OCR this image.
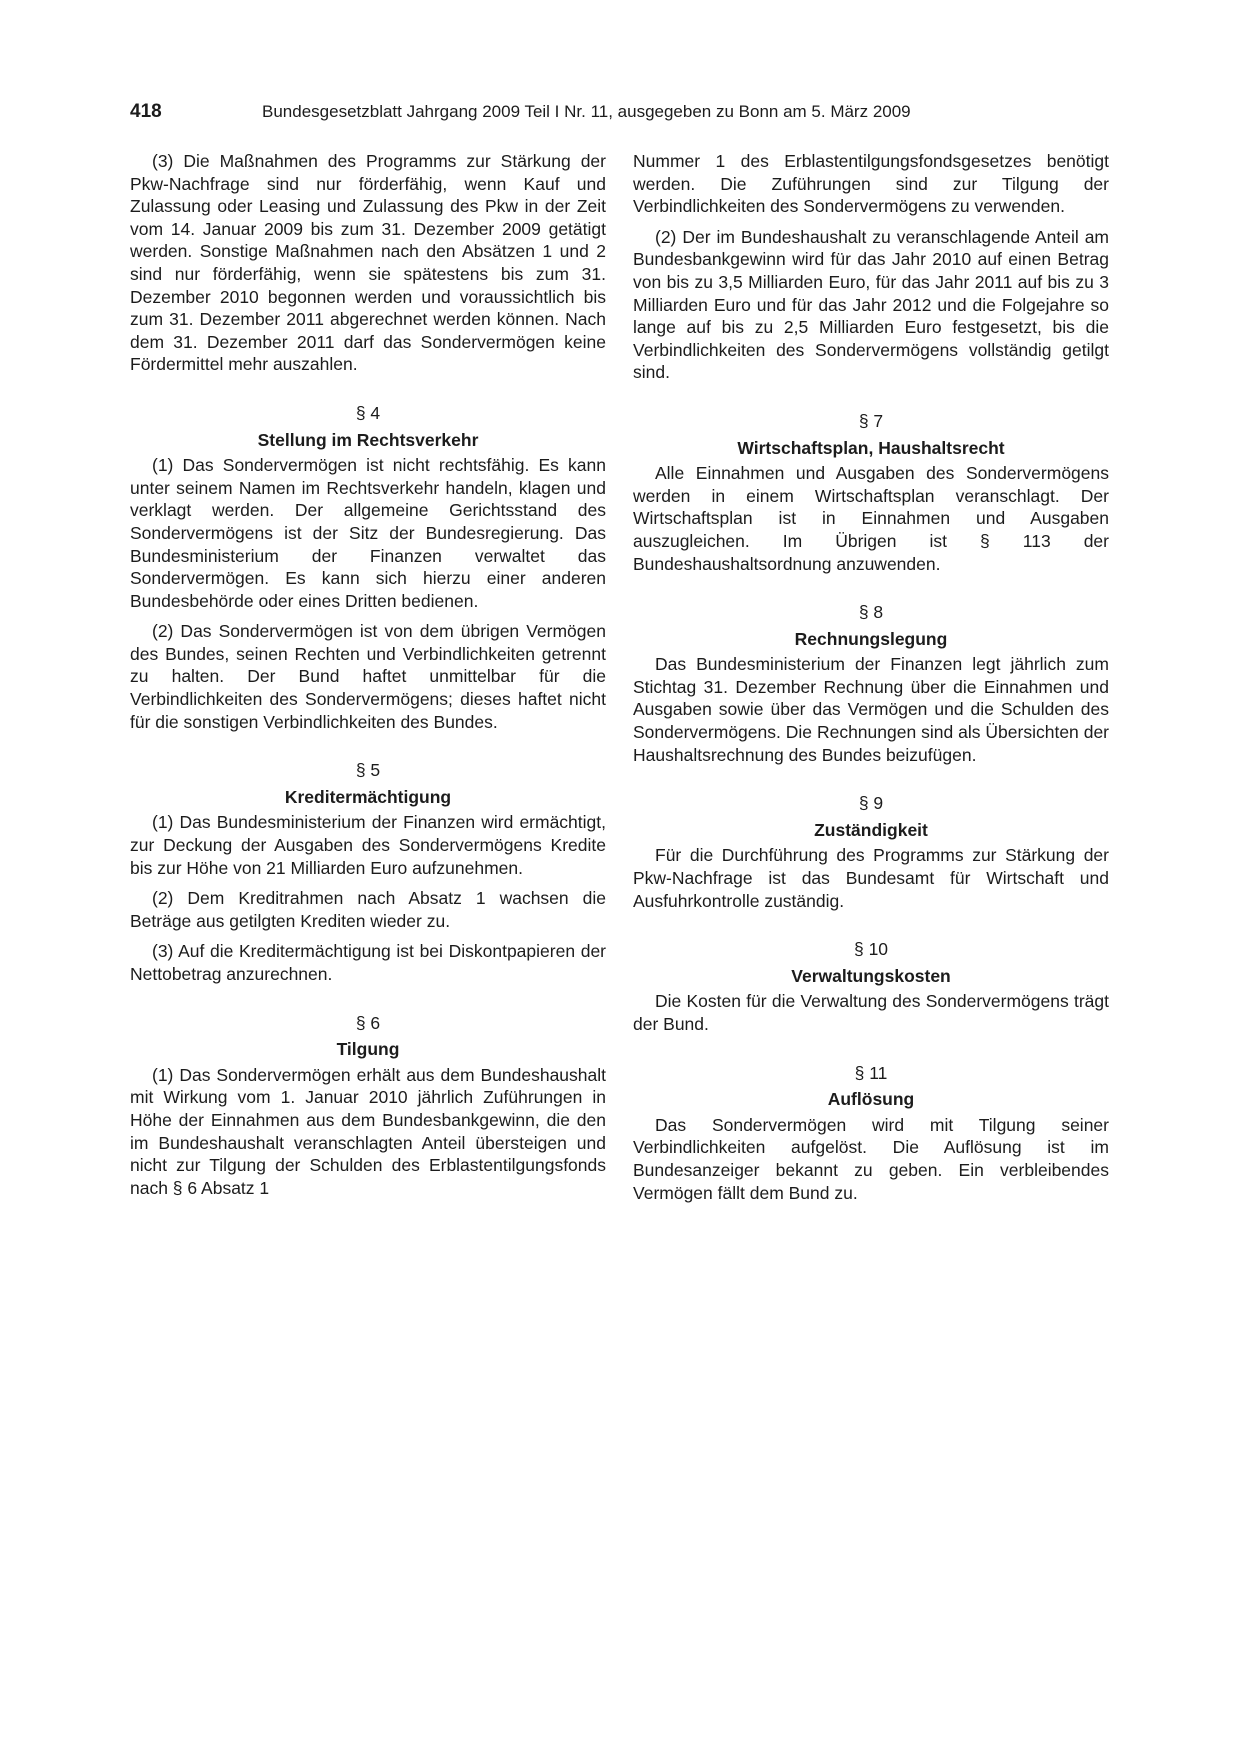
418	Bundesgesetzblatt Jahrgang 2009 Teil I Nr. 11, ausgegeben zu Bonn am 5. März 2009

(3) Die Maßnahmen des Programms zur Stärkung der Pkw-Nachfrage sind nur förderfähig, wenn Kauf und Zulassung oder Leasing und Zulassung des Pkw in der Zeit vom 14. Januar 2009 bis zum 31. Dezember 2009 getätigt werden. Sonstige Maßnahmen nach den Absätzen 1 und 2 sind nur förderfähig, wenn sie spätestens bis zum 31. Dezember 2010 begonnen werden und voraussichtlich bis zum 31. Dezember 2011 abgerechnet werden können. Nach dem 31. Dezember 2011 darf das Sondervermögen keine Fördermittel mehr auszahlen.

§ 4
Stellung im Rechtsverkehr

(1) Das Sondervermögen ist nicht rechtsfähig. Es kann unter seinem Namen im Rechtsverkehr handeln, klagen und verklagt werden. Der allgemeine Gerichtsstand des Sondervermögens ist der Sitz der Bundesregierung. Das Bundesministerium der Finanzen verwaltet das Sondervermögen. Es kann sich hierzu einer anderen Bundesbehörde oder eines Dritten bedienen.

(2) Das Sondervermögen ist von dem übrigen Vermögen des Bundes, seinen Rechten und Verbindlichkeiten getrennt zu halten. Der Bund haftet unmittelbar für die Verbindlichkeiten des Sondervermögens; dieses haftet nicht für die sonstigen Verbindlichkeiten des Bundes.

§ 5
Kreditermächtigung

(1) Das Bundesministerium der Finanzen wird ermächtigt, zur Deckung der Ausgaben des Sondervermögens Kredite bis zur Höhe von 21 Milliarden Euro aufzunehmen.

(2) Dem Kreditrahmen nach Absatz 1 wachsen die Beträge aus getilgten Krediten wieder zu.

(3) Auf die Kreditermächtigung ist bei Diskontpapieren der Nettobetrag anzurechnen.

§ 6
Tilgung

(1) Das Sondervermögen erhält aus dem Bundeshaushalt mit Wirkung vom 1. Januar 2010 jährlich Zuführungen in Höhe der Einnahmen aus dem Bundesbankgewinn, die den im Bundeshaushalt veranschlagten Anteil übersteigen und nicht zur Tilgung der Schulden des Erblastentilgungsfonds nach § 6 Absatz 1

Nummer 1 des Erblastentilgungsfondsgesetzes benötigt werden. Die Zuführungen sind zur Tilgung der Verbindlichkeiten des Sondervermögens zu verwenden.

(2) Der im Bundeshaushalt zu veranschlagende Anteil am Bundesbankgewinn wird für das Jahr 2010 auf einen Betrag von bis zu 3,5 Milliarden Euro, für das Jahr 2011 auf bis zu 3 Milliarden Euro und für das Jahr 2012 und die Folgejahre so lange auf bis zu 2,5 Milliarden Euro festgesetzt, bis die Verbindlichkeiten des Sondervermögens vollständig getilgt sind.

§ 7
Wirtschaftsplan, Haushaltsrecht

Alle Einnahmen und Ausgaben des Sondervermögens werden in einem Wirtschaftsplan veranschlagt. Der Wirtschaftsplan ist in Einnahmen und Ausgaben auszugleichen. Im Übrigen ist § 113 der Bundeshaushaltsordnung anzuwenden.

§ 8
Rechnungslegung

Das Bundesministerium der Finanzen legt jährlich zum Stichtag 31. Dezember Rechnung über die Einnahmen und Ausgaben sowie über das Vermögen und die Schulden des Sondervermögens. Die Rechnungen sind als Übersichten der Haushaltsrechnung des Bundes beizufügen.

§ 9
Zuständigkeit

Für die Durchführung des Programms zur Stärkung der Pkw-Nachfrage ist das Bundesamt für Wirtschaft und Ausfuhrkontrolle zuständig.

§ 10
Verwaltungskosten

Die Kosten für die Verwaltung des Sondervermögens trägt der Bund.

§ 11
Auflösung

Das Sondervermögen wird mit Tilgung seiner Verbindlichkeiten aufgelöst. Die Auflösung ist im Bundesanzeiger bekannt zu geben. Ein verbleibendes Vermögen fällt dem Bund zu.
